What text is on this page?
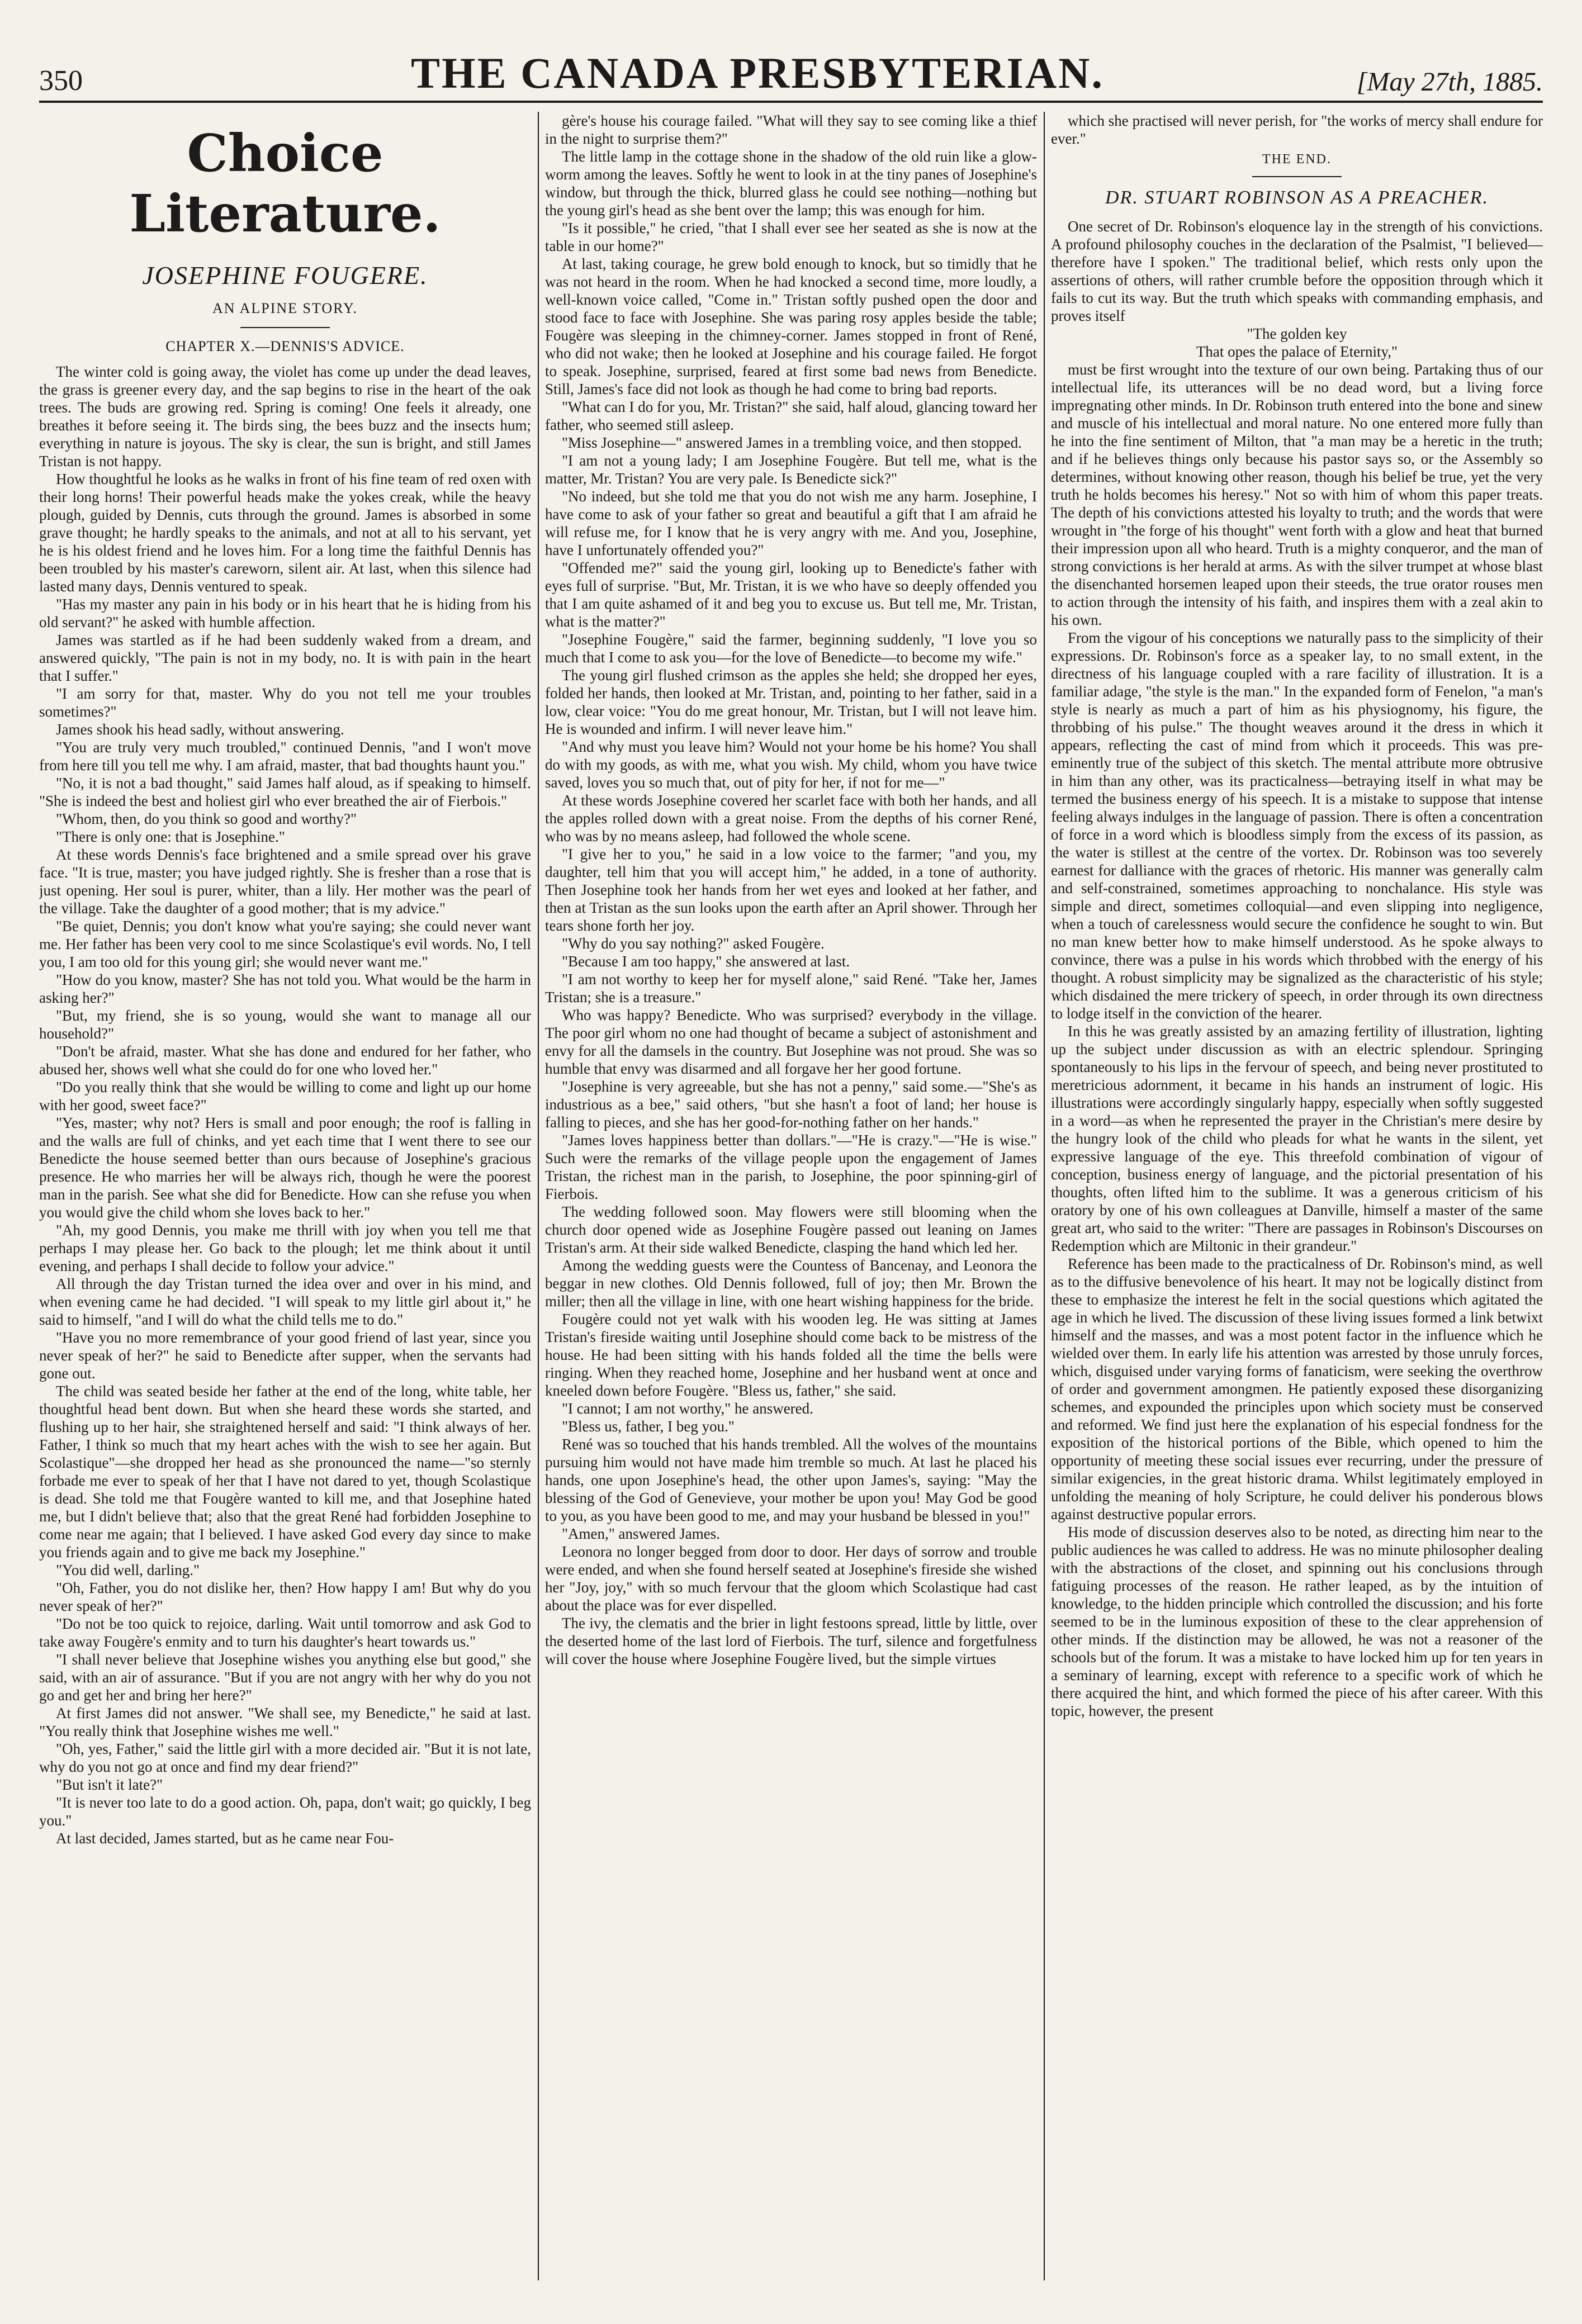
350	THE CANADA PRESBYTERIAN.	[May 27th, 1885.
Choice Literature.
JOSEPHINE FOUGERE.
AN ALPINE STORY.
CHAPTER X.—DENNIS'S ADVICE.

The winter cold is going away, the violet has come up under the dead leaves, the grass is greener every day, and the sap begins to rise in the heart of the oak trees. The buds are growing red. Spring is coming! One feels it already, one breathes it before seeing it. The birds sing, the bees buzz and the insects hum; everything in nature is joyous. The sky is clear, the sun is bright, and still James Tristan is not happy.

How thoughtful he looks as he walks in front of his fine team of red oxen with their long horns! Their powerful heads make the yokes creak, while the heavy plough, guided by Dennis, cuts through the ground. James is absorbed in some grave thought; he hardly speaks to the animals, and not at all to his servant, yet he is his oldest friend and he loves him. For a long time the faithful Dennis has been troubled by his master's careworn, silent air. At last, when this silence had lasted many days, Dennis ventured to speak.

"Has my master any pain in his body or in his heart that he is hiding from his old servant?" he asked with humble affection.

James was startled as if he had been suddenly waked from a dream, and answered quickly, "The pain is not in my body, no. It is with pain in the heart that I suffer."

"I am sorry for that, master. Why do you not tell me your troubles sometimes?"

James shook his head sadly, without answering.

"You are truly very much troubled," continued Dennis, "and I won't move from here till you tell me why. I am afraid, master, that bad thoughts haunt you."

"No, it is not a bad thought," said James half aloud, as if speaking to himself. "She is indeed the best and holiest girl who ever breathed the air of Fierbois."

"Whom, then, do you think so good and worthy?"

"There is only one: that is Josephine."

At these words Dennis's face brightened and a smile spread over his grave face. "It is true, master; you have judged rightly. She is fresher than a rose that is just opening. Her soul is purer, whiter, than a lily. Her mother was the pearl of the village. Take the daughter of a good mother; that is my advice."

"Be quiet, Dennis; you don't know what you're saying; she could never want me. Her father has been very cool to me since Scolastique's evil words. No, I tell you, I am too old for this young girl; she would never want me."

"How do you know, master? She has not told you. What would be the harm in asking her?"

"But, my friend, she is so young, would she want to manage all our household?"

"Don't be afraid, master. What she has done and endured for her father, who abused her, shows well what she could do for one who loved her."

"Do you really think that she would be willing to come and light up our home with her good, sweet face?"

"Yes, master; why not? Hers is small and poor enough; the roof is falling in and the walls are full of chinks, and yet each time that I went there to see our Benedicte the house seemed better than ours because of Josephine's gracious presence. He who marries her will be always rich, though he were the poorest man in the parish. See what she did for Benedicte. How can she refuse you when you would give the child whom she loves back to her."

"Ah, my good Dennis, you make me thrill with joy when you tell me that perhaps I may please her. Go back to the plough; let me think about it until evening, and perhaps I shall decide to follow your advice."

All through the day Tristan turned the idea over and over in his mind, and when evening came he had decided. "I will speak to my little girl about it," he said to himself, "and I will do what the child tells me to do."

"Have you no more remembrance of your good friend of last year, since you never speak of her?" he said to Benedicte after supper, when the servants had gone out.

The child was seated beside her father at the end of the long, white table, her thoughtful head bent down. But when she heard these words she started, and flushing up to her hair, she straightened herself and said: "I think always of her. Father, I think so much that my heart aches with the wish to see her again. But Scolastique"—she dropped her head as she pronounced the name—"so sternly forbade me ever to speak of her that I have not dared to yet, though Scolastique is dead. She told me that Fougère wanted to kill me, and that Josephine hated me, but I didn't believe that; also that the great René had forbidden Josephine to come near me again; that I believed. I have asked God every day since to make you friends again and to give me back my Josephine."

"You did well, darling."

"Oh, Father, you do not dislike her, then? How happy I am! But why do you never speak of her?"

"Do not be too quick to rejoice, darling. Wait until tomorrow and ask God to take away Fougère's enmity and to turn his daughter's heart towards us."

"I shall never believe that Josephine wishes you anything else but good," she said, with an air of assurance. "But if you are not angry with her why do you not go and get her and bring her here?"

At first James did not answer. "We shall see, my Benedicte," he said at last. "You really think that Josephine wishes me well."

"Oh, yes, Father," said the little girl with a more decided air. "But it is not late, why do you not go at once and find my dear friend?"

"But isn't it late?"

"It is never too late to do a good action. Oh, papa, don't wait; go quickly, I beg you."

At last decided, James started, but as he came near Fou-

gère's house his courage failed. "What will they say to see coming like a thief in the night to surprise them?"

The little lamp in the cottage shone in the shadow of the old ruin like a glow-worm among the leaves. Softly he went to look in at the tiny panes of Josephine's window, but through the thick, blurred glass he could see nothing—nothing but the young girl's head as she bent over the lamp; this was enough for him.

"Is it possible," he cried, "that I shall ever see her seated as she is now at the table in our home?"

At last, taking courage, he grew bold enough to knock, but so timidly that he was not heard in the room. When he had knocked a second time, more loudly, a well-known voice called, "Come in." Tristan softly pushed open the door and stood face to face with Josephine. She was paring rosy apples beside the table; Fougère was sleeping in the chimney-corner. James stopped in front of René, who did not wake; then he looked at Josephine and his courage failed. He forgot to speak. Josephine, surprised, feared at first some bad news from Benedicte. Still, James's face did not look as though he had come to bring bad reports.

"What can I do for you, Mr. Tristan?" she said, half aloud, glancing toward her father, who seemed still asleep.

"Miss Josephine—" answered James in a trembling voice, and then stopped.

"I am not a young lady; I am Josephine Fougère. But tell me, what is the matter, Mr. Tristan? You are very pale. Is Benedicte sick?"

"No indeed, but she told me that you do not wish me any harm. Josephine, I have come to ask of your father so great and beautiful a gift that I am afraid he will refuse me, for I know that he is very angry with me. And you, Josephine, have I unfortunately offended you?"

"Offended me?" said the young girl, looking up to Benedicte's father with eyes full of surprise. "But, Mr. Tristan, it is we who have so deeply offended you that I am quite ashamed of it and beg you to excuse us. But tell me, Mr. Tristan, what is the matter?"

"Josephine Fougère," said the farmer, beginning suddenly, "I love you so much that I come to ask you—for the love of Benedicte—to become my wife."

The young girl flushed crimson as the apples she held; she dropped her eyes, folded her hands, then looked at Mr. Tristan, and, pointing to her father, said in a low, clear voice: "You do me great honour, Mr. Tristan, but I will not leave him. He is wounded and infirm. I will never leave him."

"And why must you leave him? Would not your home be his home? You shall do with my goods, as with me, what you wish. My child, whom you have twice saved, loves you so much that, out of pity for her, if not for me—"

At these words Josephine covered her scarlet face with both her hands, and all the apples rolled down with a great noise. From the depths of his corner René, who was by no means asleep, had followed the whole scene.

"I give her to you," he said in a low voice to the farmer; "and you, my daughter, tell him that you will accept him," he added, in a tone of authority. Then Josephine took her hands from her wet eyes and looked at her father, and then at Tristan as the sun looks upon the earth after an April shower. Through her tears shone forth her joy.

"Why do you say nothing?" asked Fougère.

"Because I am too happy," she answered at last.

"I am not worthy to keep her for myself alone," said René. "Take her, James Tristan; she is a treasure."

Who was happy? Benedicte. Who was surprised? everybody in the village. The poor girl whom no one had thought of became a subject of astonishment and envy for all the damsels in the country. But Josephine was not proud. She was so humble that envy was disarmed and all forgave her her good fortune.

"Josephine is very agreeable, but she has not a penny," said some.—"She's as industrious as a bee," said others, "but she hasn't a foot of land; her house is falling to pieces, and she has her good-for-nothing father on her hands."

"James loves happiness better than dollars."—"He is crazy."—"He is wise." Such were the remarks of the village people upon the engagement of James Tristan, the richest man in the parish, to Josephine, the poor spinning-girl of Fierbois.

The wedding followed soon. May flowers were still blooming when the church door opened wide as Josephine Fougère passed out leaning on James Tristan's arm. At their side walked Benedicte, clasping the hand which led her.

Among the wedding guests were the Countess of Bancenay, and Leonora the beggar in new clothes. Old Dennis followed, full of joy; then Mr. Brown the miller; then all the village in line, with one heart wishing happiness for the bride.

Fougère could not yet walk with his wooden leg. He was sitting at James Tristan's fireside waiting until Josephine should come back to be mistress of the house. He had been sitting with his hands folded all the time the bells were ringing. When they reached home, Josephine and her husband went at once and kneeled down before Fougère. "Bless us, father," she said.

"I cannot; I am not worthy," he answered.

"Bless us, father, I beg you."

René was so touched that his hands trembled. All the wolves of the mountains pursuing him would not have made him tremble so much. At last he placed his hands, one upon Josephine's head, the other upon James's, saying: "May the blessing of the God of Genevieve, your mother be upon you! May God be good to you, as you have been good to me, and may your husband be blessed in you!"

"Amen," answered James.

Leonora no longer begged from door to door. Her days of sorrow and trouble were ended, and when she found herself seated at Josephine's fireside she wished her "Joy, joy," with so much fervour that the gloom which Scolastique had cast about the place was for ever dispelled.

The ivy, the clematis and the brier in light festoons spread, little by little, over the deserted home of the last lord of Fierbois. The turf, silence and forgetfulness will cover the house where Josephine Fougère lived, but the simple virtues

which she practised will never perish, for "the works of mercy shall endure for ever."

THE END.
DR. STUART ROBINSON AS A PREACHER.

One secret of Dr. Robinson's eloquence lay in the strength of his convictions. A profound philosophy couches in the declaration of the Psalmist, "I believed—therefore have I spoken." The traditional belief, which rests only upon the assertions of others, will rather crumble before the opposition through which it fails to cut its way. But the truth which speaks with commanding emphasis, and proves itself

"The golden key
That opes the palace of Eternity,"

must be first wrought into the texture of our own being. Partaking thus of our intellectual life, its utterances will be no dead word, but a living force impregnating other minds. In Dr. Robinson truth entered into the bone and sinew and muscle of his intellectual and moral nature. No one entered more fully than he into the fine sentiment of Milton, that "a man may be a heretic in the truth; and if he believes things only because his pastor says so, or the Assembly so determines, without knowing other reason, though his belief be true, yet the very truth he holds becomes his heresy." Not so with him of whom this paper treats. The depth of his convictions attested his loyalty to truth; and the words that were wrought in "the forge of his thought" went forth with a glow and heat that burned their impression upon all who heard. Truth is a mighty conqueror, and the man of strong convictions is her herald at arms. As with the silver trumpet at whose blast the disenchanted horsemen leaped upon their steeds, the true orator rouses men to action through the intensity of his faith, and inspires them with a zeal akin to his own.

From the vigour of his conceptions we naturally pass to the simplicity of their expressions. Dr. Robinson's force as a speaker lay, to no small extent, in the directness of his language coupled with a rare facility of illustration. It is a familiar adage, "the style is the man." In the expanded form of Fenelon, "a man's style is nearly as much a part of him as his physiognomy, his figure, the throbbing of his pulse." The thought weaves around it the dress in which it appears, reflecting the cast of mind from which it proceeds. This was pre-eminently true of the subject of this sketch. The mental attribute more obtrusive in him than any other, was its practicalness—betraying itself in what may be termed the business energy of his speech. It is a mistake to suppose that intense feeling always indulges in the language of passion. There is often a concentration of force in a word which is bloodless simply from the excess of its passion, as the water is stillest at the centre of the vortex. Dr. Robinson was too severely earnest for dalliance with the graces of rhetoric. His manner was generally calm and self-constrained, sometimes approaching to nonchalance. His style was simple and direct, sometimes colloquial—and even slipping into negligence, when a touch of carelessness would secure the confidence he sought to win. But no man knew better how to make himself understood. As he spoke always to convince, there was a pulse in his words which throbbed with the energy of his thought. A robust simplicity may be signalized as the characteristic of his style; which disdained the mere trickery of speech, in order through its own directness to lodge itself in the conviction of the hearer.

In this he was greatly assisted by an amazing fertility of illustration, lighting up the subject under discussion as with an electric splendour. Springing spontaneously to his lips in the fervour of speech, and being never prostituted to meretricious adornment, it became in his hands an instrument of logic. His illustrations were accordingly singularly happy, especially when softly suggested in a word—as when he represented the prayer in the Christian's mere desire by the hungry look of the child who pleads for what he wants in the silent, yet expressive language of the eye. This threefold combination of vigour of conception, business energy of language, and the pictorial presentation of his thoughts, often lifted him to the sublime. It was a generous criticism of his oratory by one of his own colleagues at Danville, himself a master of the same great art, who said to the writer: "There are passages in Robinson's Discourses on Redemption which are Miltonic in their grandeur."

Reference has been made to the practicalness of Dr. Robinson's mind, as well as to the diffusive benevolence of his heart. It may not be logically distinct from these to emphasize the interest he felt in the social questions which agitated the age in which he lived. The discussion of these living issues formed a link betwixt himself and the masses, and was a most potent factor in the influence which he wielded over them. In early life his attention was arrested by those unruly forces, which, disguised under varying forms of fanaticism, were seeking the overthrow of order and government amongmen. He patiently exposed these disorganizing schemes, and expounded the principles upon which society must be conserved and reformed. We find just here the explanation of his especial fondness for the exposition of the historical portions of the Bible, which opened to him the opportunity of meeting these social issues ever recurring, under the pressure of similar exigencies, in the great historic drama. Whilst legitimately employed in unfolding the meaning of holy Scripture, he could deliver his ponderous blows against destructive popular errors.

His mode of discussion deserves also to be noted, as directing him near to the public audiences he was called to address. He was no minute philosopher dealing with the abstractions of the closet, and spinning out his conclusions through fatiguing processes of the reason. He rather leaped, as by the intuition of knowledge, to the hidden principle which controlled the discussion; and his forte seemed to be in the luminous exposition of these to the clear apprehension of other minds. If the distinction may be allowed, he was not a reasoner of the schools but of the forum. It was a mistake to have locked him up for ten years in a seminary of learning, except with reference to a specific work of which he there acquired the hint, and which formed the piece of his after career. With this topic, however, the present
